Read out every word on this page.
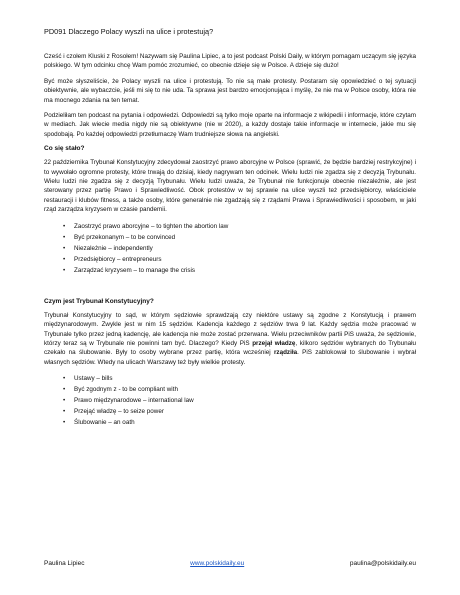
PD091 Dlaczego Polacy wyszli na ulice i protestują?

Cześć i czołem Kluski z Rosołem! Nazywam się Paulina Lipiec, a to jest podcast Polski Daily, w którym pomagam uczącym się języka polskiego. W tym odcinku chcę Wam pomóc zrozumieć, co obecnie dzieje się w Polsce. A dzieje się dużo!

Być może słyszeliście, że Polacy wyszli na ulice i protestują. To nie są małe protesty. Postaram się opowiedzieć o tej sytuacji obiektywnie, ale wybaczcie, jeśli mi się to nie uda. Ta sprawa jest bardzo emocjonująca i myślę, że nie ma w Polsce osoby, która nie ma mocnego zdania na ten temat.

Podzieliłam ten podcast na pytania i odpowiedzi. Odpowiedzi są tylko moje oparte na informacje z wikipedii i informacje, które czytam w mediach. Jak wiecie media nigdy nie są obiektywne (nie w 2020), a każdy dostaje takie informacje w internecie, jakie mu się spodobają. Po każdej odpowiedzi przetłumaczę Wam trudniejsze słowa na angielski.

Co się stało?

22 października Trybunał Konstytucyjny zdecydował zaostrzyć prawo aborcyjne w Polsce (sprawić, że będzie bardziej restrykcyjne) i to wywołało ogromne protesty, które trwają do dzisiaj, kiedy nagrywam ten odcinek. Wielu ludzi nie zgadza się z decyzją Trybunału. Wielu ludzi nie zgadza się z decyzją Trybunału. Wielu ludzi uważa, że Trybunał nie funkcjonuje obecnie niezależnie, ale jest sterowany przez partię Prawo i Sprawiedliwość. Obok protestów w tej sprawie na ulice wyszli też przedsiębiorcy, właściciele restauracji i klubów fitness, a także osoby, które generalnie nie zgadzają się z rządami Prawa i Sprawiedliwości i sposobem, w jaki rząd zarządza kryzysem w czasie pandemii.

• Zaostrzyć prawo aborcyjne – to tighten the abortion law
• Być przekonanym – to be convinced
• Niezależnie – independently
• Przedsiębiorcy – entrepreneurs
• Zarządzać kryzysem – to manage the crisis
Czym jest Trybunał Konstytucyjny?

Trybunał Konstytucyjny to sąd, w którym sędziowie sprawdzają czy niektóre ustawy są zgodne z Konstytucją i prawem międzynarodowym. Zwykle jest w nim 15 sędziów. Kadencja każdego z sędziów trwa 9 lat. Każdy sędzia może pracować w Trybunale tylko przez jedną kadencję, ale kadencja nie może zostać przerwana. Wielu przeciwników partii PiS uważa, że sędziowie, którzy teraz są w Trybunale nie powinni tam być. Dlaczego? Kiedy PiS przejął władzę, kilkoro sędziów wybranych do Trybunału czekało na ślubowanie. Były to osoby wybrane przez partię, która wcześniej rządziła. PiS zablokował to ślubowanie i wybrał własnych sędziów. Wtedy na ulicach Warszawy też były wielkie protesty.

• Ustawy – bills
• Być zgodnym z - to be compliant with
• Prawo międzynarodowe – international law
• Przejąć władzę – to seize power
• Ślubowanie – an oath
Paulina Lipiec	www.polskidaily.eu	paulina@polskidaily.eu
